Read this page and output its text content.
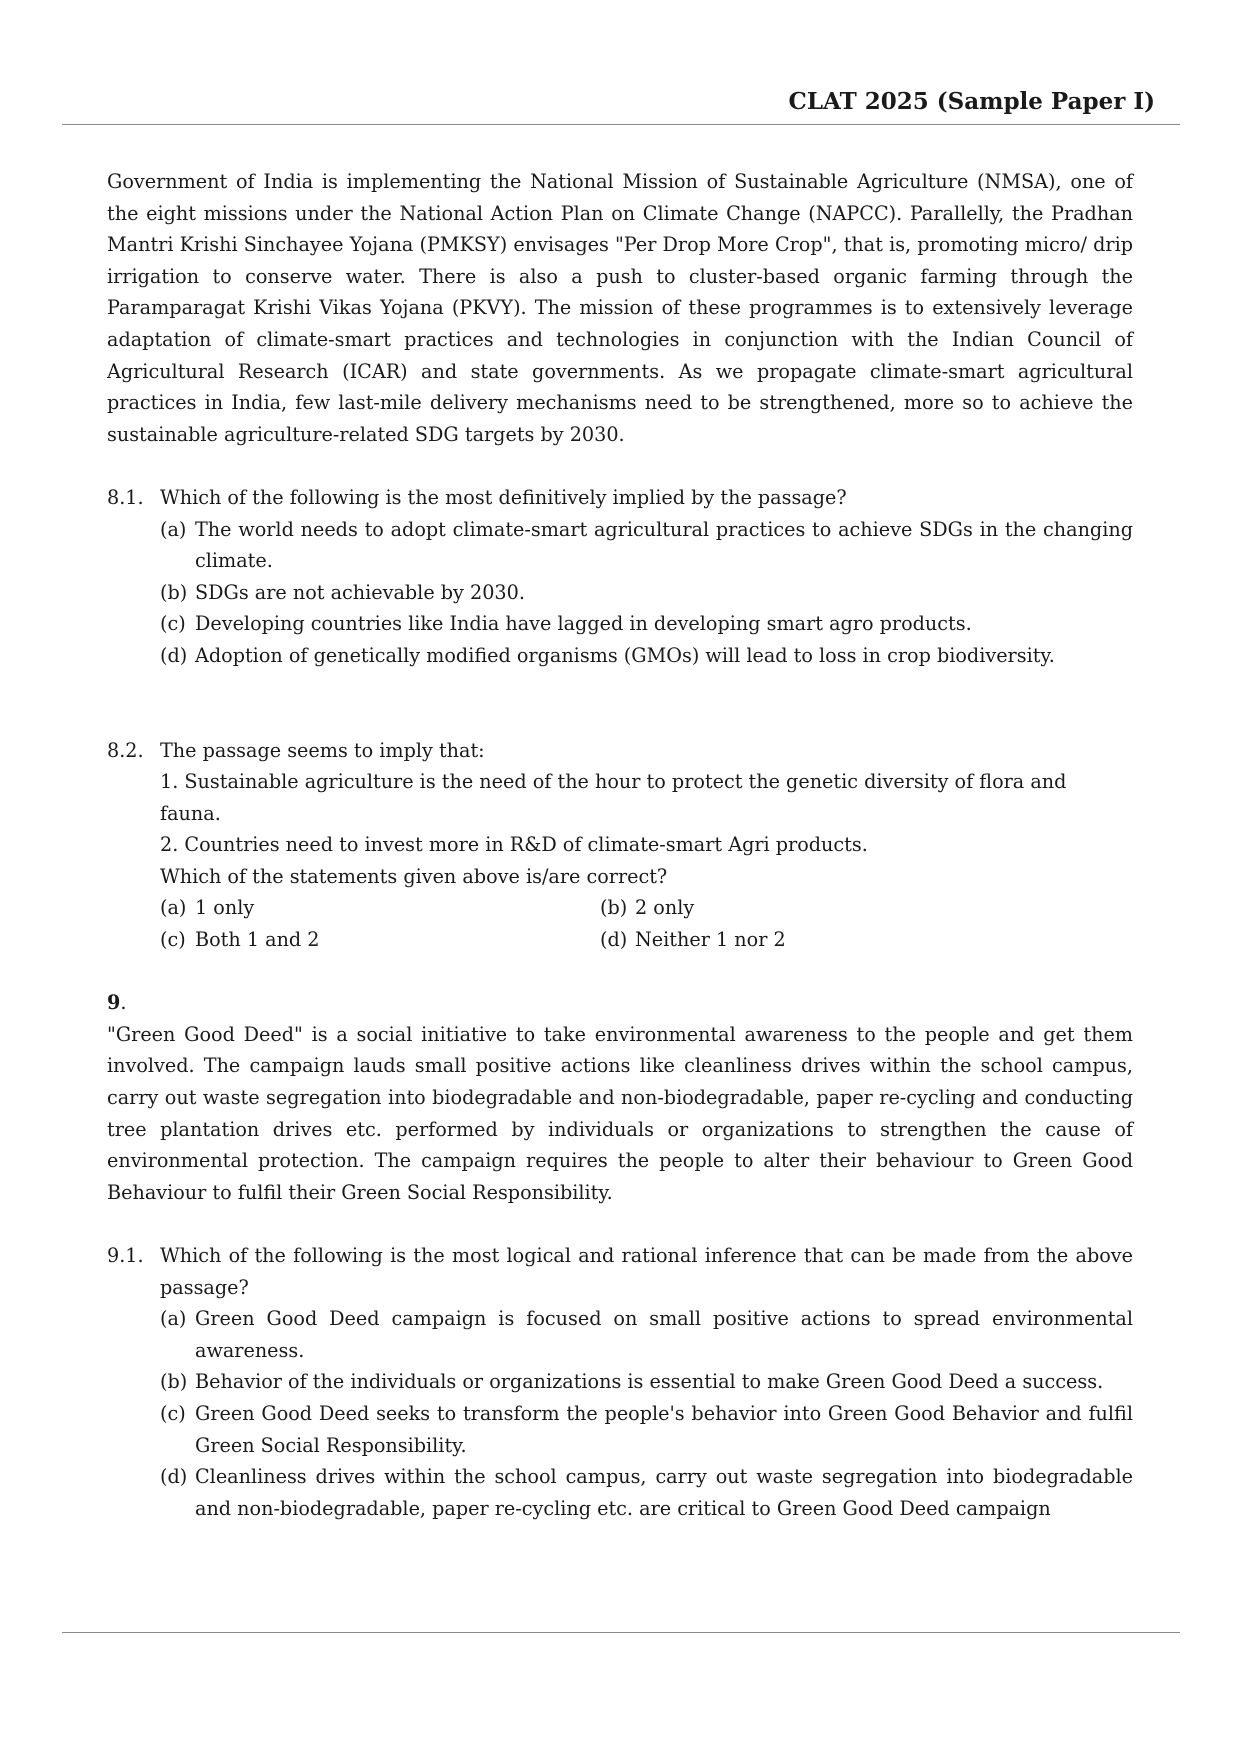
CLAT 2025 (Sample Paper I)

Government of India is implementing the National Mission of Sustainable Agriculture (NMSA), one of the eight missions under the National Action Plan on Climate Change (NAPCC). Parallelly, the Pradhan Mantri Krishi Sinchayee Yojana (PMKSY) envisages "Per Drop More Crop", that is, promoting micro/ drip irrigation to conserve water. There is also a push to cluster-based organic farming through the Paramparagat Krishi Vikas Yojana (PKVY). The mission of these programmes is to extensively leverage adaptation of climate-smart practices and technologies in conjunction with the Indian Council of Agricultural Research (ICAR) and state governments. As we propagate climate-smart agricultural practices in India, few last-mile delivery mechanisms need to be strengthened, more so to achieve the sustainable agriculture-related SDG targets by 2030.

8.1. Which of the following is the most definitively implied by the passage?

(a) The world needs to adopt climate-smart agricultural practices to achieve SDGs in the changing climate.

(b) SDGs are not achievable by 2030.

(c) Developing countries like India have lagged in developing smart agro products.

(d) Adoption of genetically modified organisms (GMOs) will lead to loss in crop biodiversity.

8.2. The passage seems to imply that:

1. Sustainable agriculture is the need of the hour to protect the genetic diversity of flora and fauna.

2. Countries need to invest more in R&D of climate-smart Agri products.

Which of the statements given above is/are correct?

(a) 1 only	(b) 2 only
(c) Both 1 and 2	(d) Neither 1 nor 2

9.

"Green Good Deed" is a social initiative to take environmental awareness to the people and get them involved. The campaign lauds small positive actions like cleanliness drives within the school campus, carry out waste segregation into biodegradable and non-biodegradable, paper re-cycling and conducting tree plantation drives etc. performed by individuals or organizations to strengthen the cause of environmental protection. The campaign requires the people to alter their behaviour to Green Good Behaviour to fulfil their Green Social Responsibility.

9.1. Which of the following is the most logical and rational inference that can be made from the above passage?

(a) Green Good Deed campaign is focused on small positive actions to spread environmental awareness.

(b) Behavior of the individuals or organizations is essential to make Green Good Deed a success.

(c) Green Good Deed seeks to transform the people's behavior into Green Good Behavior and fulfil Green Social Responsibility.

(d) Cleanliness drives within the school campus, carry out waste segregation into biodegradable and non-biodegradable, paper re-cycling etc. are critical to Green Good Deed campaign
